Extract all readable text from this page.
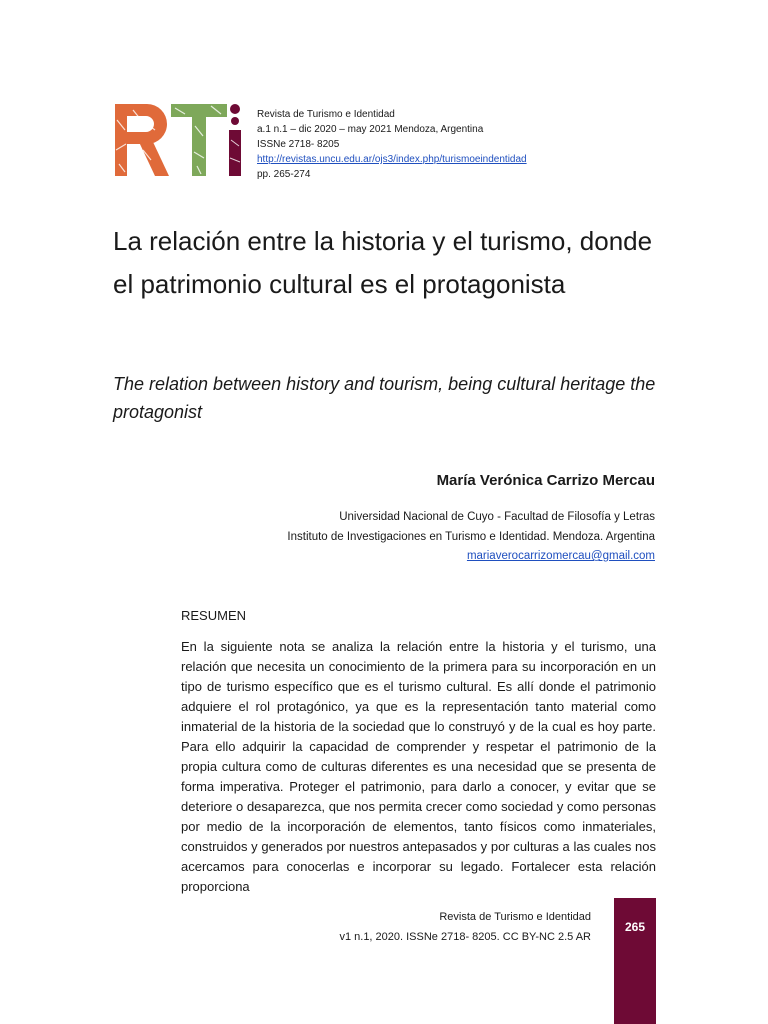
Revista de Turismo e Identidad
a.1 n.1 – dic 2020 – may 2021 Mendoza, Argentina
ISSNe 2718- 8205
http://revistas.uncu.edu.ar/ojs3/index.php/turismoeindentidad
pp. 265-274
La relación entre la historia y el turismo, donde el patrimonio cultural es el protagonista

The relation between history and tourism, being cultural heritage the protagonist

María Verónica Carrizo Mercau
Universidad Nacional de Cuyo - Facultad de Filosofía y Letras
Instituto de Investigaciones en Turismo e Identidad. Mendoza. Argentina
mariaverocarrizomercau@gmail.com
RESUMEN

En la siguiente nota se analiza la relación entre la historia y el turismo, una relación que necesita un conocimiento de la primera para su incorporación en un tipo de turismo específico que es el turismo cultural. Es allí donde el patrimonio adquiere el rol protagónico, ya que es la representación tanto material como inmaterial de la historia de la sociedad que lo construyó y de la cual es hoy parte. Para ello adquirir la capacidad de comprender y respetar el patrimonio de la propia cultura como de culturas diferentes es una necesidad que se presenta de forma imperativa. Proteger el patrimonio, para darlo a conocer, y evitar que se deteriore o desaparezca, que nos permita crecer como sociedad y como personas por medio de la incorporación de elementos, tanto físicos como inmateriales, construidos y generados por nuestros antepasados y por culturas a las cuales nos acercamos para conocerlas e incorporar su legado. Fortalecer esta relación proporciona

Revista de Turismo e Identidad
v1 n.1, 2020. ISSNe 2718- 8205. CC BY-NC 2.5 AR
265
